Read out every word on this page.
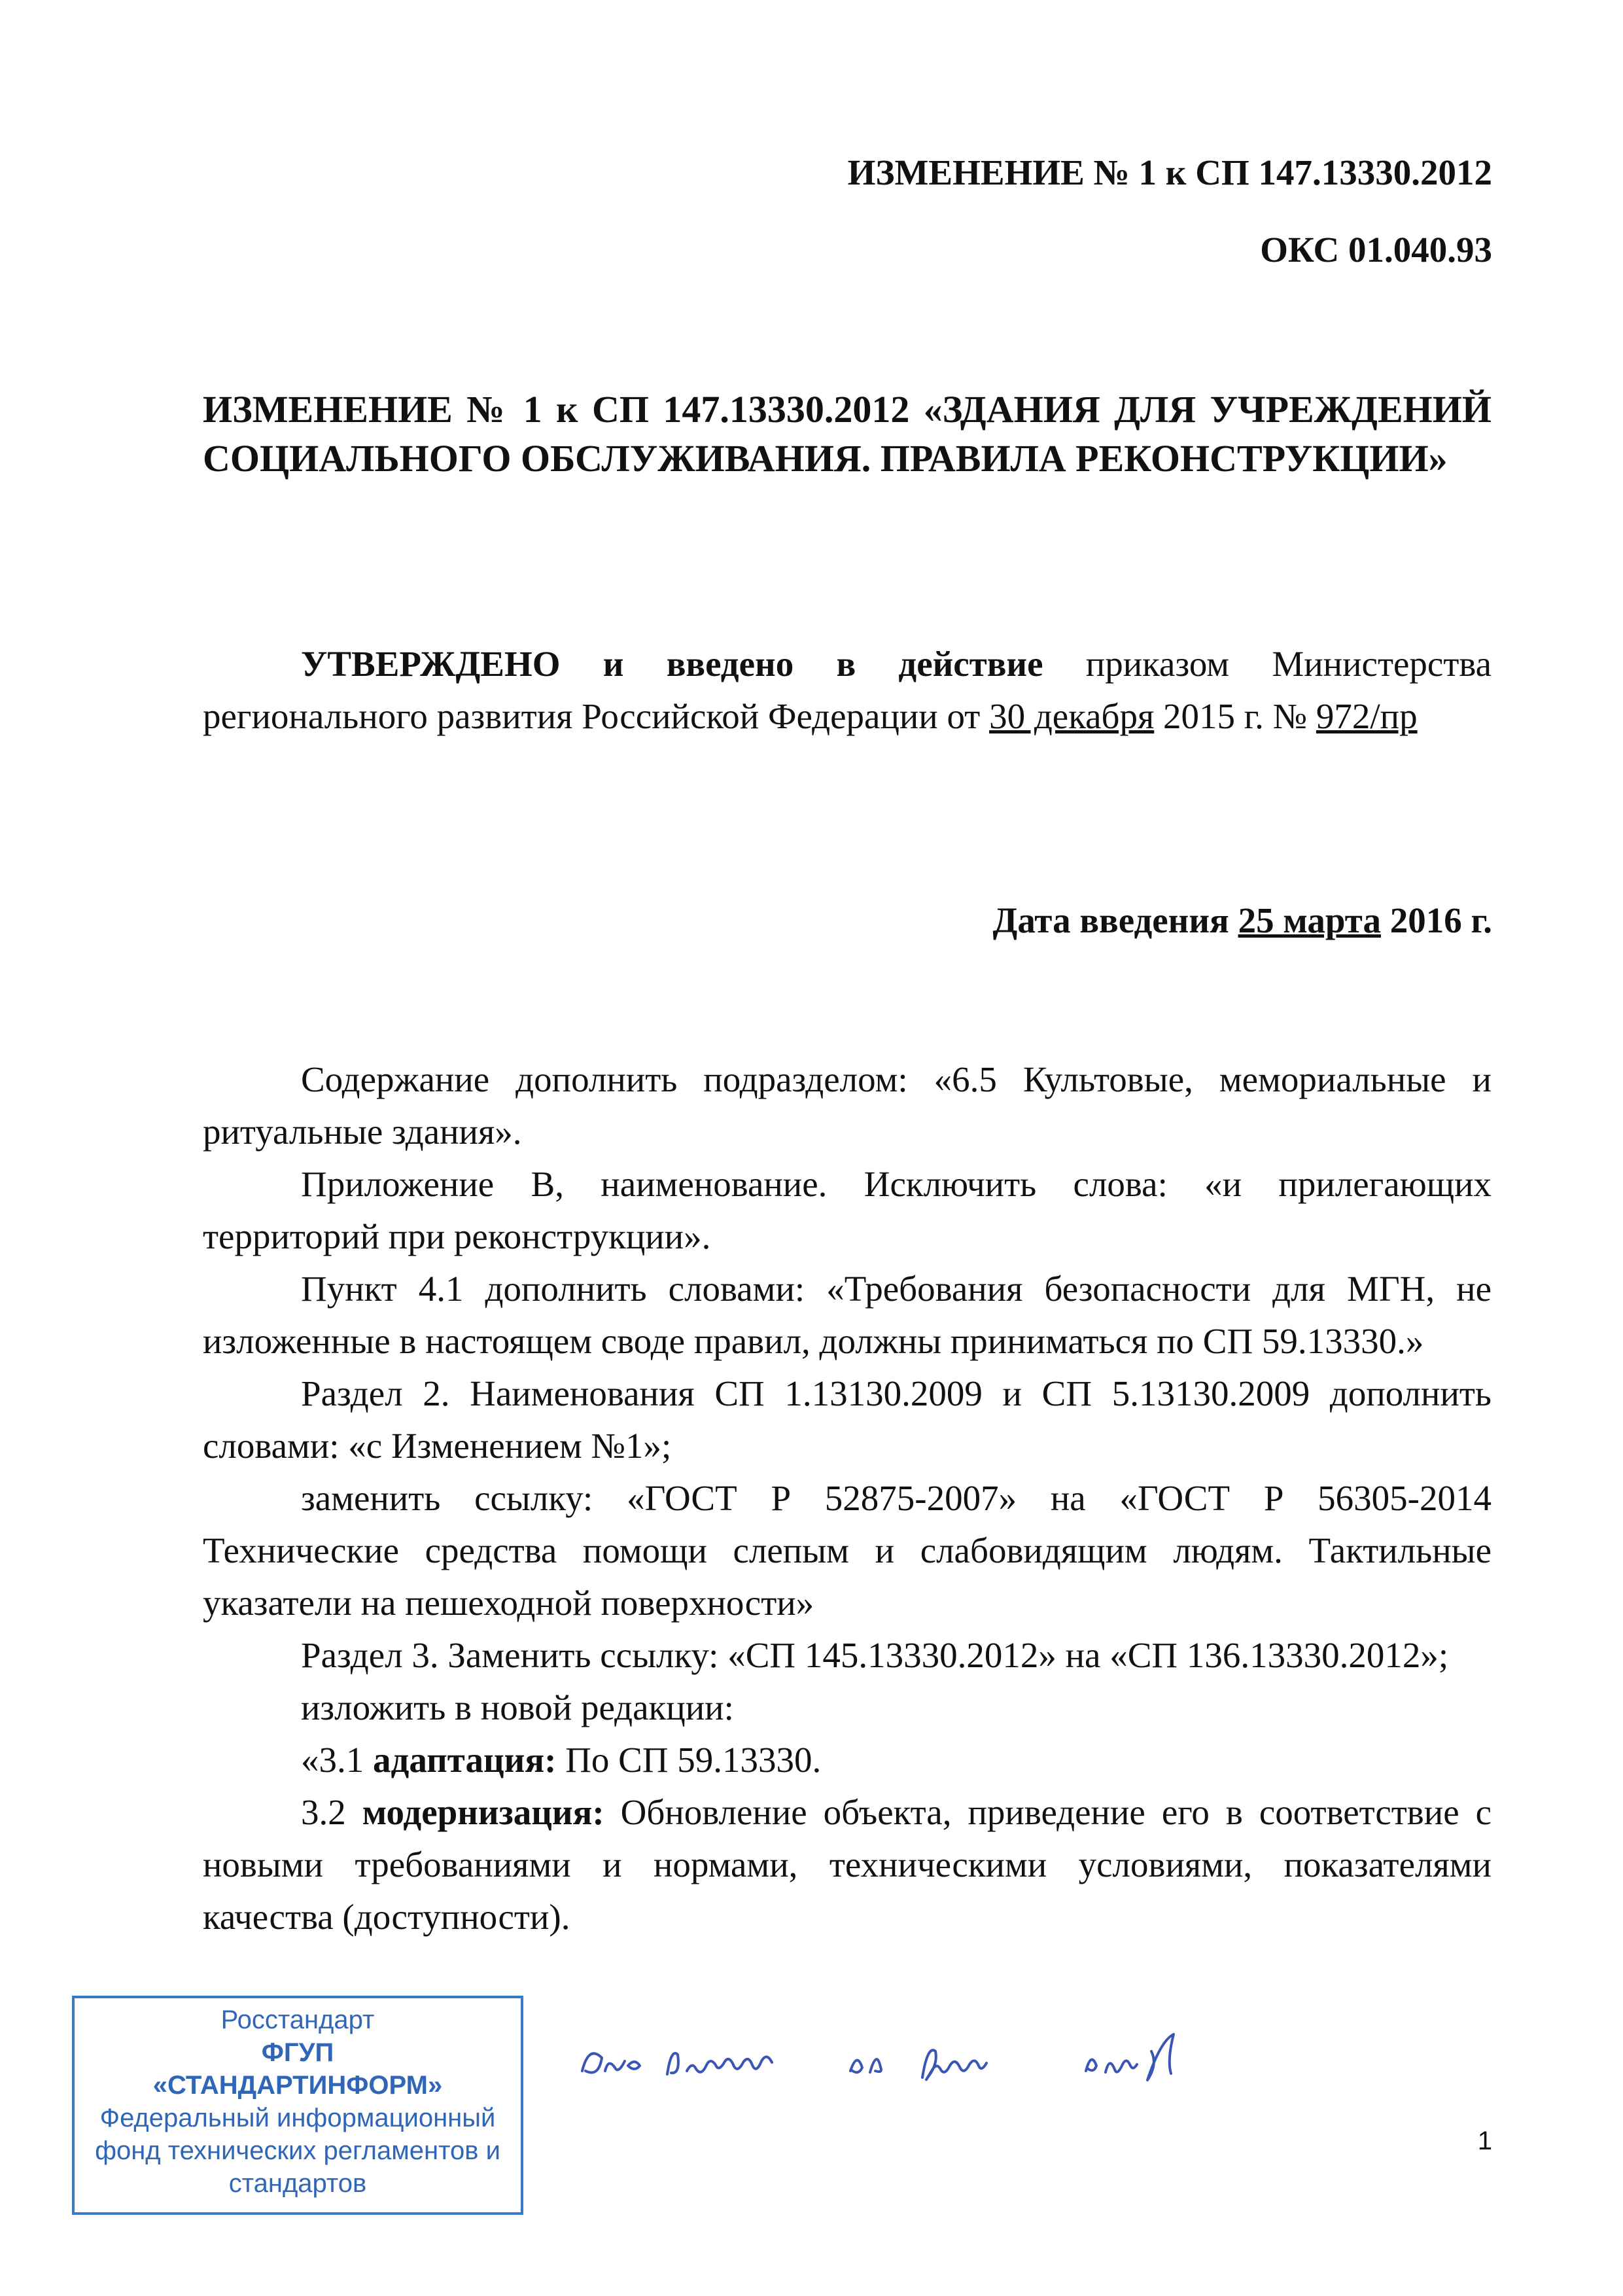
ИЗМЕНЕНИЕ № 1 к СП 147.13330.2012
ОКС 01.040.93
ИЗМЕНЕНИЕ № 1 к СП 147.13330.2012 «ЗДАНИЯ ДЛЯ УЧРЕЖДЕНИЙ СОЦИАЛЬНОГО ОБСЛУЖИВАНИЯ. ПРАВИЛА РЕКОНСТРУКЦИИ»

УТВЕРЖДЕНО и введено в действие приказом Министерства регионального развития Российской Федерации от 30 декабря 2015 г. № 972/пр

Дата введения 25 марта 2016 г.

Содержание дополнить подразделом: «6.5 Культовые, мемориальные и ритуальные здания».

Приложение В, наименование. Исключить слова: «и прилегающих территорий при реконструкции».

Пункт 4.1 дополнить словами: «Требования безопасности для МГН, не изложенные в настоящем своде правил, должны приниматься по СП 59.13330.»

Раздел 2. Наименования СП 1.13130.2009 и СП 5.13130.2009 дополнить словами: «с Изменением №1»;

заменить ссылку: «ГОСТ Р 52875-2007» на «ГОСТ Р 56305-2014 Технические средства помощи слепым и слабовидящим людям. Тактильные указатели на пешеходной поверхности»

Раздел 3. Заменить ссылку: «СП 145.13330.2012» на «СП 136.13330.2012»;

изложить в новой редакции:

«3.1 адаптация: По СП 59.13330.

3.2 модернизация: Обновление объекта, приведение его в соответствие с новыми требованиями и нормами, техническими условиями, показателями качества (доступности).

Росстандарт
ФГУП
«СТАНДАРТИНФОРМ»
Федеральный информационный
фонд технических регламентов и
стандартов
1
